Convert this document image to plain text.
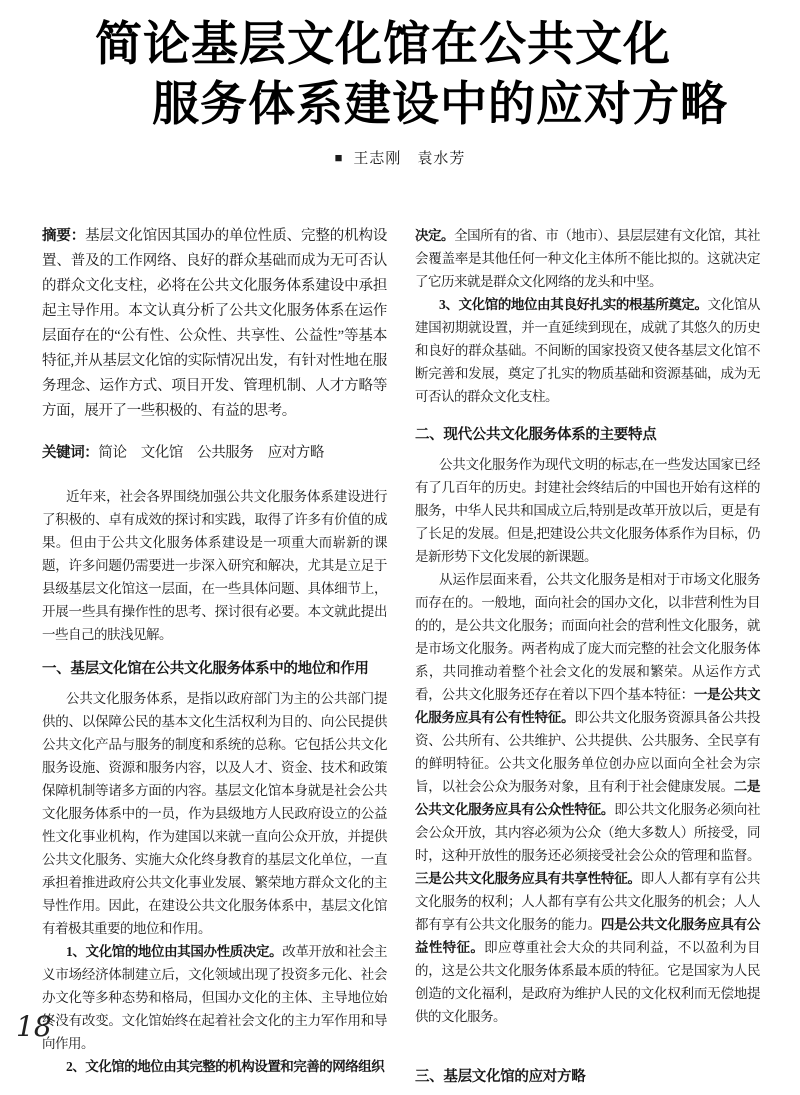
简论基层文化馆在公共文化
服务体系建设中的应对方略
■ 王志刚　袁水芳
摘要：基层文化馆因其国办的单位性质、完整的机构设置、普及的工作网络、良好的群众基础而成为无可否认的群众文化支柱，必将在公共文化服务体系建设中承担起主导作用。本文认真分析了公共文化服务体系在运作层面存在的“公有性、公众性、共享性、公益性”等基本特征,并从基层文化馆的实际情况出发，有针对性地在服务理念、运作方式、项目开发、管理机制、人才方略等方面，展开了一些积极的、有益的思考。
关键词：简论　文化馆　公共服务　应对方略
近年来，社会各界围绕加强公共文化服务体系建设进行了积极的、卓有成效的探讨和实践，取得了许多有价值的成果。但由于公共文化服务体系建设是一项重大而崭新的课题，许多问题仍需要进一步深入研究和解决，尤其是立足于县级基层文化馆这一层面，在一些具体问题、具体细节上，开展一些具有操作性的思考、探讨很有必要。本文就此提出一些自己的肤浅见解。
一、基层文化馆在公共文化服务体系中的地位和作用
公共文化服务体系，是指以政府部门为主的公共部门提供的、以保障公民的基本文化生活权利为目的、向公民提供公共文化产品与服务的制度和系统的总称。它包括公共文化服务设施、资源和服务内容，以及人才、资金、技术和政策保障机制等诸多方面的内容。基层文化馆本身就是社会公共文化服务体系中的一员，作为县级地方人民政府设立的公益性文化事业机构，作为建国以来就一直向公众开放，并提供公共文化服务、实施大众化终身教育的基层文化单位，一直承担着推进政府公共文化事业发展、繁荣地方群众文化的主导性作用。因此，在建设公共文化服务体系中，基层文化馆有着极其重要的地位和作用。
1、文化馆的地位由其国办性质决定。改革开放和社会主义市场经济体制建立后，文化领域出现了投资多元化、社会办文化等多种态势和格局，但国办文化的主体、主导地位始终没有改变。文化馆始终在起着社会文化的主力军作用和导向作用。
2、文化馆的地位由其完整的机构设置和完善的网络组织
决定。全国所有的省、市（地市）、县层层建有文化馆，其社会覆盖率是其他任何一种文化主体所不能比拟的。这就决定了它历来就是群众文化网络的龙头和中坚。
3、文化馆的地位由其良好扎实的根基所奠定。文化馆从建国初期就设置，并一直延续到现在，成就了其悠久的历史和良好的群众基础。不间断的国家投资又使各基层文化馆不断完善和发展，奠定了扎实的物质基础和资源基础，成为无可否认的群众文化支柱。
二、现代公共文化服务体系的主要特点
公共文化服务作为现代文明的标志,在一些发达国家已经有了几百年的历史。封建社会终结后的中国也开始有这样的服务，中华人民共和国成立后,特别是改革开放以后，更是有了长足的发展。但是,把建设公共文化服务体系作为目标，仍是新形势下文化发展的新课题。
从运作层面来看，公共文化服务是相对于市场文化服务而存在的。一般地，面向社会的国办文化，以非营利性为目的的，是公共文化服务；而面向社会的营利性文化服务，就是市场文化服务。两者构成了庞大而完整的社会文化服务体系，共同推动着整个社会文化的发展和繁荣。从运作方式看，公共文化服务还存在着以下四个基本特征：一是公共文化服务应具有公有性特征。即公共文化服务资源具备公共投资、公共所有、公共维护、公共提供、公共服务、全民享有的鲜明特征。公共文化服务单位创办应以面向全社会为宗旨，以社会公众为服务对象，且有利于社会健康发展。二是公共文化服务应具有公众性特征。即公共文化服务必须向社会公众开放，其内容必须为公众（绝大多数人）所接受，同时，这种开放性的服务还必须接受社会公众的管理和监督。三是公共文化服务应具有共享性特征。即人人都有享有公共文化服务的权利；人人都有享有公共文化服务的机会；人人都有享有公共文化服务的能力。四是公共文化服务应具有公益性特征。即应尊重社会大众的共同利益，不以盈利为目的，这是公共文化服务体系最本质的特征。它是国家为人民创造的文化福利，是政府为维护人民的文化权利而无偿地提供的文化服务。
三、基层文化馆的应对方略
18
